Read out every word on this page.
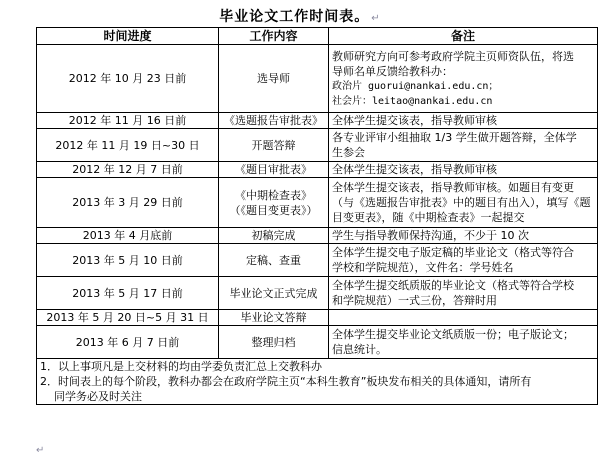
毕业论文工作时间表。 ↵
时间进度	工作内容	备注
2012 年 10 月 23 日前	选导师	教师研究方向可参考政府学院主页师资队伍，将选
导师名单反馈给教科办：
政治片 guorui@nankai.edu.cn；
社会片：leitao@nankai.edu.cn

2012 年 11 月 16 日前	《选题报告审批表》	全体学生提交该表，指导教师审核
2012 年 11 月 19 日~30 日	开题答辩	各专业评审小组抽取 1/3 学生做开题答辩，全体学
生参会

2012 年 12 月 7 日前	《题目审批表》	全体学生提交该表，指导教师审核
2013 年 3 月 29 日前	《中期检查表》
（《题目变更表》）	全体学生提交该表，指导教师审核。如题目有变更
（与《选题报告审批表》中的题目有出入），填写《题
目变更表》，随《中期检查表》一起提交

2013 年 4 月底前	初稿完成	学生与指导教师保持沟通，不少于 10 次
2013 年 5 月 10 日前	定稿、查重	全体学生提交电子版定稿的毕业论文（格式等符合
学校和学院规范），文件名：学号姓名

2013 年 5 月 17 日前	毕业论文正式完成	全体学生提交纸质版的毕业论文（格式等符合学校
和学院规范）一式三份，答辩时用

2013 年 5 月 20 日~5 月 31 日	毕业论文答辩	
2013 年 6 月 7 日前	整理归档	全体学生提交毕业论文纸质版一份；电子版论文；
信息统计。

1．以上事项凡是上交材料的均由学委负责汇总上交教科办
2．时间表上的每个阶段，教科办都会在政府学院主页“本科生教育”板块发布相关的具体通知，请所有
同学务必及时关注		
↵
